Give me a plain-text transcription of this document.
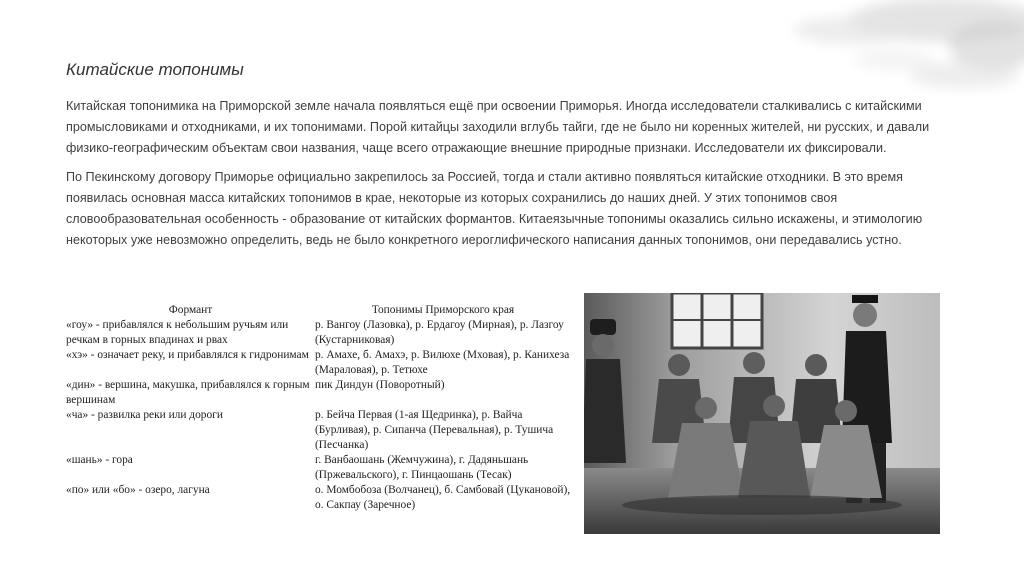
Китайские топонимы

Китайская топонимика на Приморской земле начала появляться ещё при освоении Приморья. Иногда исследователи сталкивались с китайскими промысловиками и отходниками, и их топонимами. Порой китайцы заходили вглубь тайги, где не было ни коренных жителей, ни русских, и давали физико-географическим объектам свои названия, чаще всего отражающие внешние природные признаки. Исследователи их фиксировали.

По Пекинскому договору Приморье официально закрепилось за Россией, тогда и стали активно появляться китайские отходники. В это время появилась основная масса китайских топонимов в крае, некоторые из которых сохранились до наших дней. У этих топонимов своя словообразовательная особенность - образование от китайских формантов. Китаеязычные топонимы оказались сильно искажены, и этимологию некоторых уже невозможно определить, ведь не было конкретного иероглифического написания данных топонимов, они передавались устно.

Формант	Топонимы Приморского края
«гоу» - прибавлялся к небольшим ручьям или речкам в горных впадинах и рвах	р. Вангоу (Лазовка), р. Ердагоу (Мирная), р. Лазгоу (Кустарниковая)
«хэ» - означает реку, и прибавлялся к гидронимам	р. Амахе, б. Амахэ, р. Вилюхе (Мховая), р. Канихеза (Мараловая), р. Тетюхе
«дин» - вершина, макушка, прибавлялся к горным вершинам	пик Диндун (Поворотный)
«ча» - развилка реки или дороги	р. Бейча Первая (1-ая Щедринка), р. Вайча (Бурливая), р. Сипанча (Перевальная), р. Тушича (Песчанка)
«шань» - гора	г. Ванбаошань (Жемчужина), г. Дадяньшань (Пржевальского), г. Пинцаошань (Тесак)
«по» или «бо» - озеро, лагуна	о. Момбобоза (Волчанец), б. Самбовай (Цукановой), о. Сакпау (Заречное)
